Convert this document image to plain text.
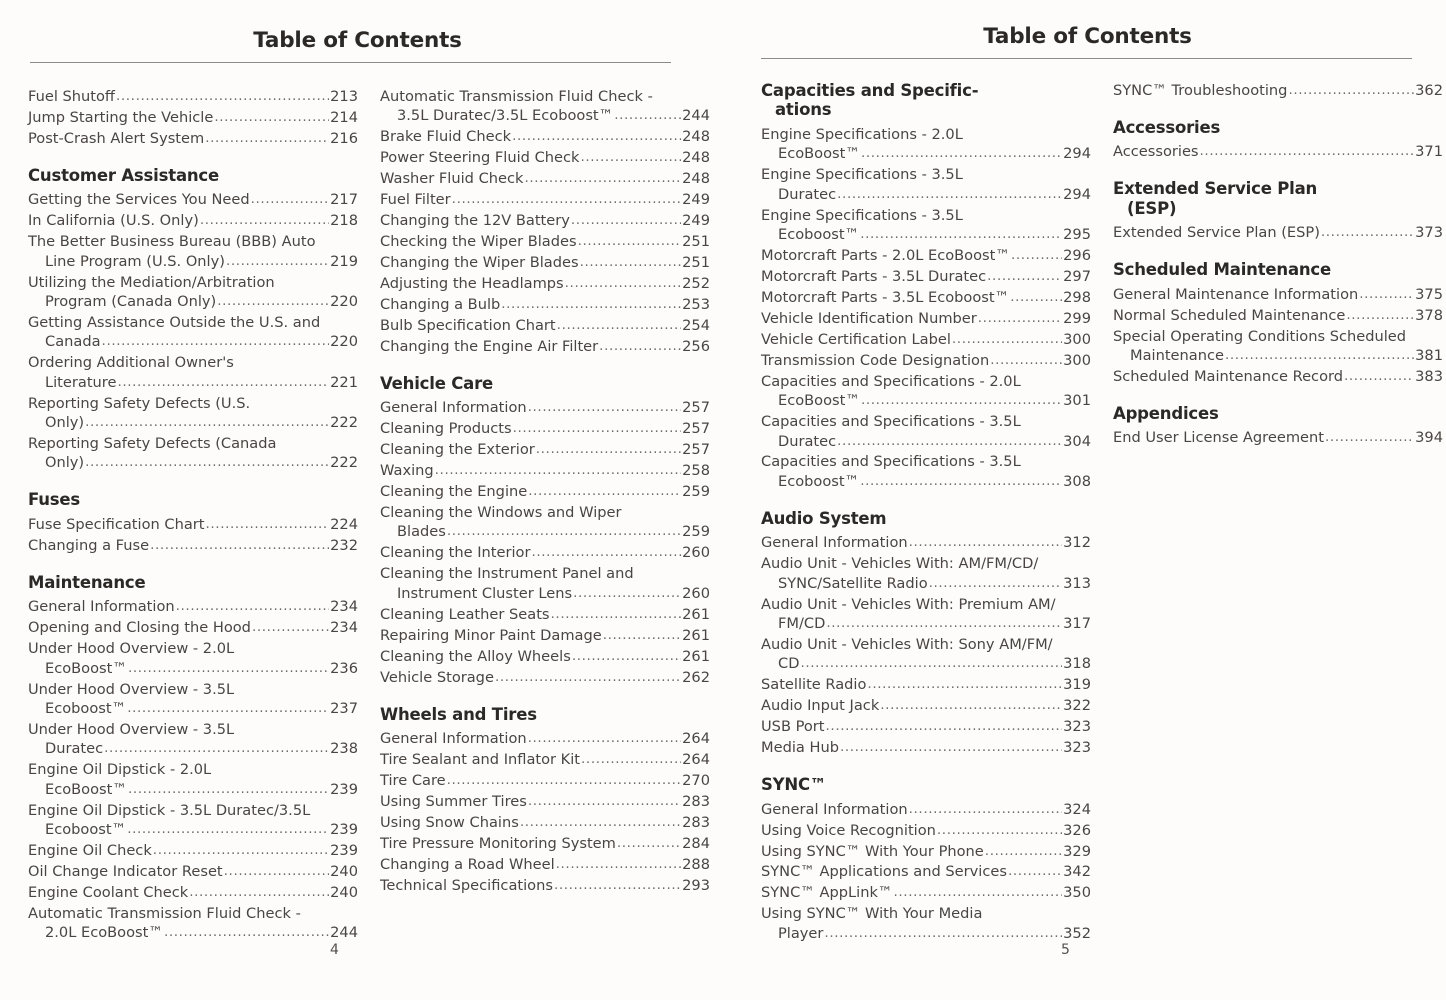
Table of Contents
Fuel Shutoff .....	213
Jump Starting the Vehicle .....	214
Post-Crash Alert System .....	216
Customer Assistance
Getting the Services You Need .....	217
In California (U.S. Only) .....	218
The Better Business Bureau (BBB) Auto
Line Program (U.S. Only) .....	219
Utilizing the Mediation/Arbitration
Program (Canada Only) .....	220
Getting Assistance Outside the U.S. and
Canada .....	220
Ordering Additional Owner's
Literature .....	221
Reporting Safety Defects (U.S.
Only) .....	222
Reporting Safety Defects (Canada
Only) .....	222
Fuses
Fuse Specification Chart .....	224
Changing a Fuse .....	232
Maintenance
General Information .....	234
Opening and Closing the Hood .....	234
Under Hood Overview - 2.0L
EcoBoost™ .....	236
Under Hood Overview - 3.5L
Ecoboost™ .....	237
Under Hood Overview - 3.5L
Duratec .....	238
Engine Oil Dipstick - 2.0L
EcoBoost™ .....	239
Engine Oil Dipstick - 3.5L Duratec/3.5L
Ecoboost™ .....	239
Engine Oil Check .....	239
Oil Change Indicator Reset .....	240
Engine Coolant Check .....	240
Automatic Transmission Fluid Check -
2.0L EcoBoost™ .....	244
Automatic Transmission Fluid Check -
3.5L Duratec/3.5L Ecoboost™ .....	244
Brake Fluid Check .....	248
Power Steering Fluid Check .....	248
Washer Fluid Check .....	248
Fuel Filter .....	249
Changing the 12V Battery .....	249
Checking the Wiper Blades .....	251
Changing the Wiper Blades .....	251
Adjusting the Headlamps .....	252
Changing a Bulb .....	253
Bulb Specification Chart .....	254
Changing the Engine Air Filter .....	256
Vehicle Care
General Information .....	257
Cleaning Products .....	257
Cleaning the Exterior .....	257
Waxing .....	258
Cleaning the Engine .....	259
Cleaning the Windows and Wiper
Blades .....	259
Cleaning the Interior .....	260
Cleaning the Instrument Panel and
Instrument Cluster Lens .....	260
Cleaning Leather Seats .....	261
Repairing Minor Paint Damage .....	261
Cleaning the Alloy Wheels .....	261
Vehicle Storage .....	262
Wheels and Tires
General Information .....	264
Tire Sealant and Inflator Kit .....	264
Tire Care .....	270
Using Summer Tires .....	283
Using Snow Chains .....	283
Tire Pressure Monitoring System .....	284
Changing a Road Wheel .....	288
Technical Specifications .....	293
4
Table of Contents
Capacities and Specific-
ations
Engine Specifications - 2.0L
EcoBoost™ .....	294
Engine Specifications - 3.5L
Duratec .....	294
Engine Specifications - 3.5L
Ecoboost™ .....	295
Motorcraft Parts - 2.0L EcoBoost™ .....	296
Motorcraft Parts - 3.5L Duratec .....	297
Motorcraft Parts - 3.5L Ecoboost™ .....	298
Vehicle Identification Number .....	299
Vehicle Certification Label .....	300
Transmission Code Designation .....	300
Capacities and Specifications - 2.0L
EcoBoost™ .....	301
Capacities and Specifications - 3.5L
Duratec .....	304
Capacities and Specifications - 3.5L
Ecoboost™ .....	308
Audio System
General Information .....	312
Audio Unit - Vehicles With: AM/FM/CD/
SYNC/Satellite Radio .....	313
Audio Unit - Vehicles With: Premium AM/
FM/CD .....	317
Audio Unit - Vehicles With: Sony AM/FM/
CD .....	318
Satellite Radio .....	319
Audio Input Jack .....	322
USB Port .....	323
Media Hub .....	323
SYNC™
General Information .....	324
Using Voice Recognition .....	326
Using SYNC™ With Your Phone .....	329
SYNC™ Applications and Services .....	342
SYNC™ AppLink™ .....	350
Using SYNC™ With Your Media
Player .....	352
SYNC™ Troubleshooting .....	362
Accessories
Accessories .....	371
Extended Service Plan
(ESP)
Extended Service Plan (ESP) .....	373
Scheduled Maintenance
General Maintenance Information .....	375
Normal Scheduled Maintenance .....	378
Special Operating Conditions Scheduled
Maintenance .....	381
Scheduled Maintenance Record .....	383
Appendices
End User License Agreement .....	394
5
